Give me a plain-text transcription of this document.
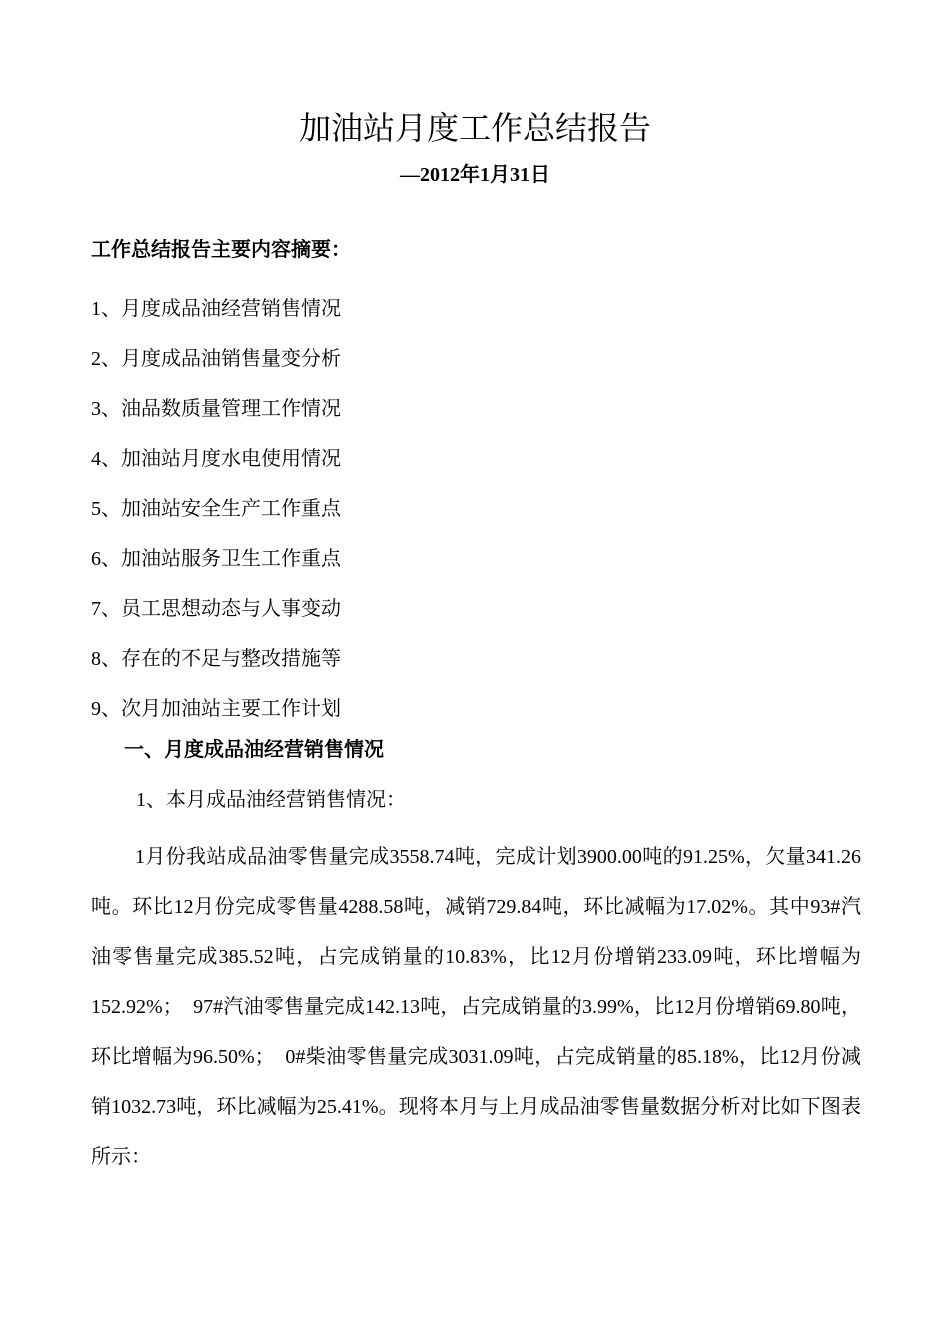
加油站月度工作总结报告
—2012年1月31日
工作总结报告主要内容摘要：
1、月度成品油经营销售情况
2、月度成品油销售量变分析
3、油品数质量管理工作情况
4、加油站月度水电使用情况
5、加油站安全生产工作重点
6、加油站服务卫生工作重点
7、员工思想动态与人事变动
8、存在的不足与整改措施等
9、次月加油站主要工作计划
一、月度成品油经营销售情况
1、本月成品油经营销售情况：

1月份我站成品油零售量完成3558.74吨，完成计划3900.00吨的91.25%，欠量341.26吨。环比12月份完成零售量4288.58吨，减销729.84吨，环比减幅为17.02%。其中93#汽油零售量完成385.52吨，占完成销量的10.83%，比12月份增销233.09吨，环比增幅为152.92%；　97#汽油零售量完成142.13吨，占完成销量的3.99%，比12月份增销69.80吨，环比增幅为96.50%；　0#柴油零售量完成3031.09吨，占完成销量的85.18%，比12月份减销1032.73吨，环比减幅为25.41%。现将本月与上月成品油零售量数据分析对比如下图表所示：
